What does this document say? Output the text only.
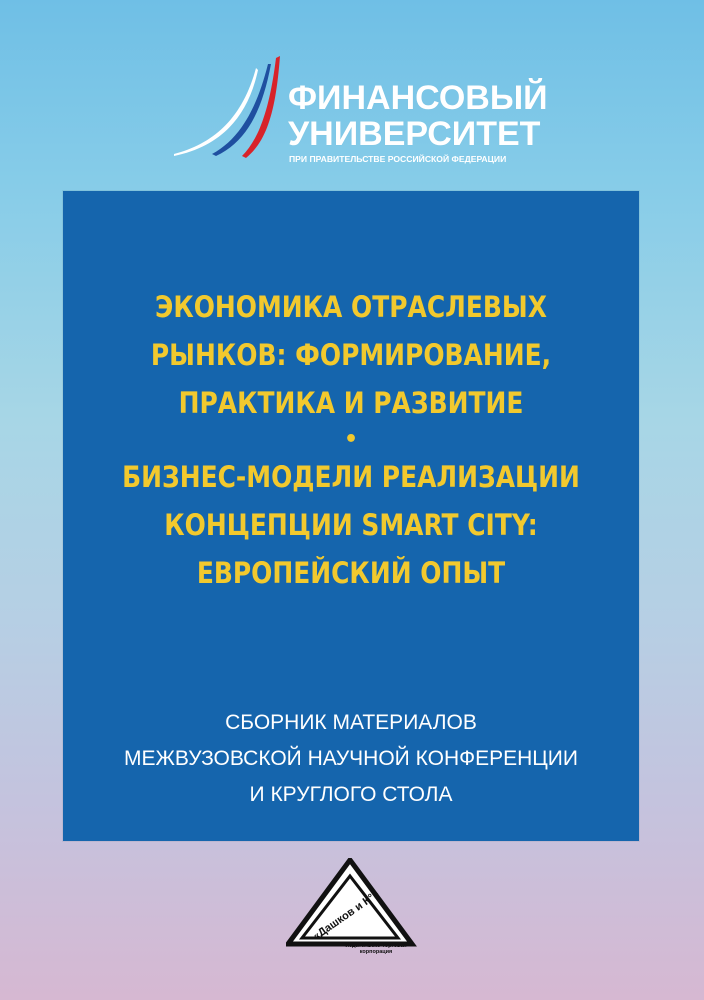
ФИНАНСОВЫЙ
УНИВЕРСИТЕТ
ПРИ ПРАВИТЕЛЬСТВЕ РОССИЙСКОЙ ФЕДЕРАЦИИ
ЭКОНОМИКА ОТРАСЛЕВЫХ
РЫНКОВ: ФОРМИРОВАНИЕ,
ПРАКТИКА И РАЗВИТИЕ
•
БИЗНЕС-МОДЕЛИ РЕАЛИЗАЦИИ
КОНЦЕПЦИИ SMART CITY:
ЕВРОПЕЙСКИЙ ОПЫТ
СБОРНИК МАТЕРИАЛОВ
МЕЖВУЗОВСКОЙ НАУЧНОЙ КОНФЕРЕНЦИИ
И КРУГЛОГО СТОЛА
«Дашков и К°»
Издательско-торговая
корпорация
